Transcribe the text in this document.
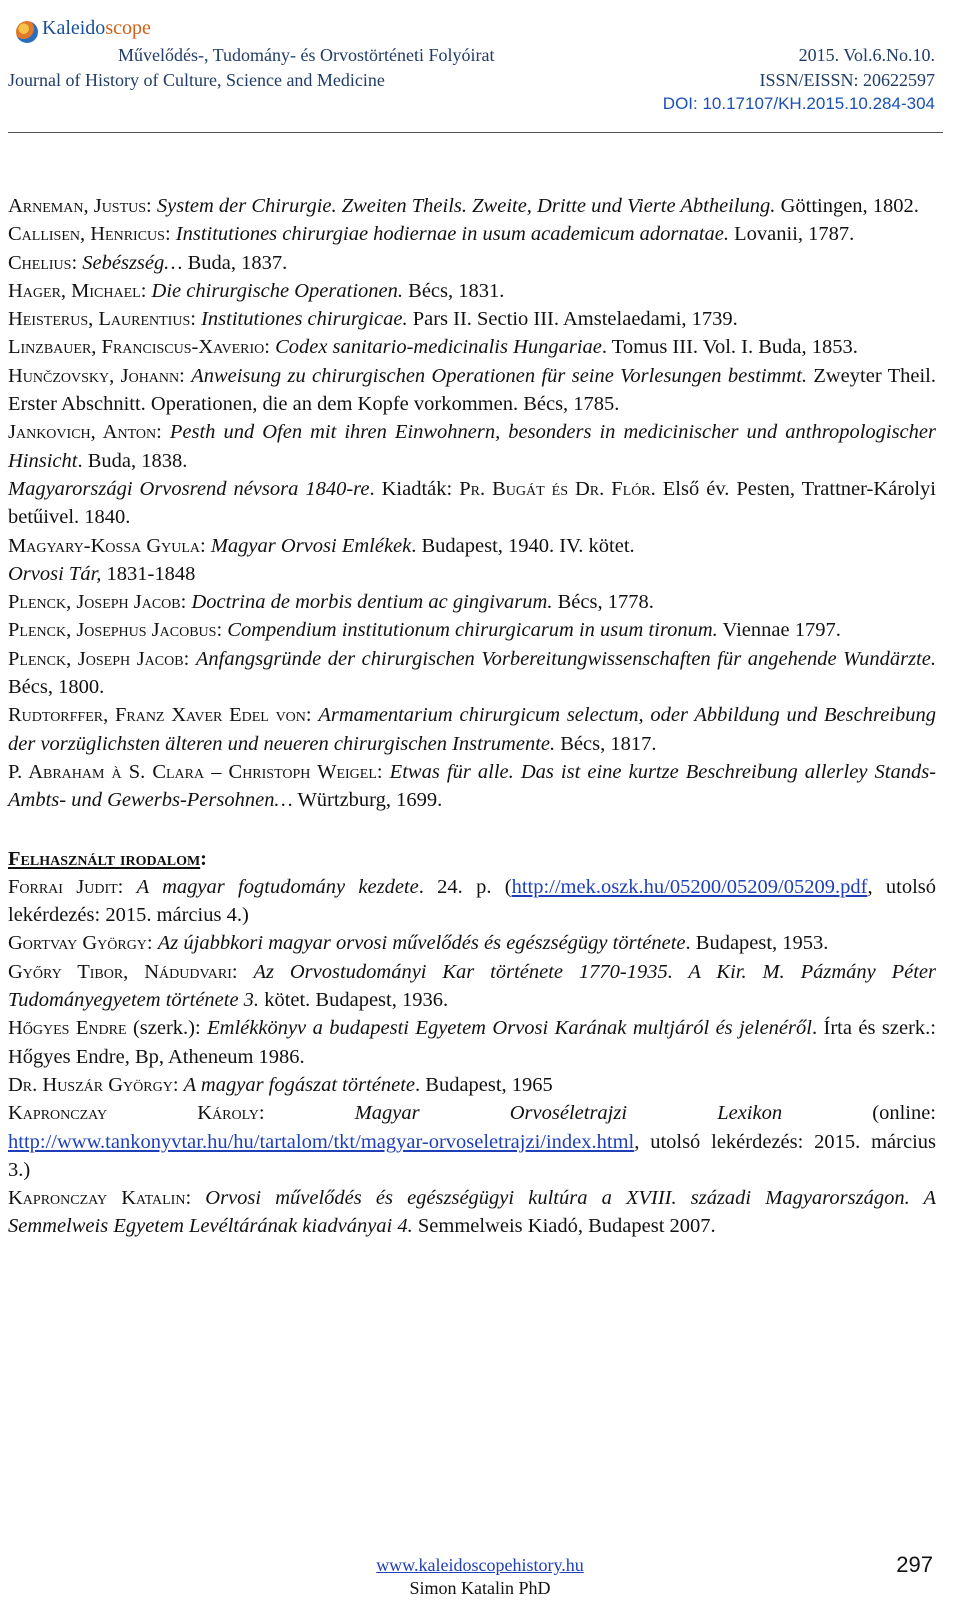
Kaleidoscope
Művelődés-, Tudomány- és Orvostörténeti Folyóirat
Journal of History of Culture, Science and Medicine
2015. Vol.6.No.10.
ISSN/EISSN: 20622597
DOI: 10.17107/KH.2015.10.284-304

Arneman, Justus: System der Chirurgie. Zweiten Theils. Zweite, Dritte und Vierte Abtheilung. Göttingen, 1802.

Callisen, Henricus: Institutiones chirurgiae hodiernae in usum academicum adornatae. Lovanii, 1787.

Chelius: Sebészség… Buda, 1837.

Hager, Michael: Die chirurgische Operationen. Bécs, 1831.

Heisterus, Laurentius: Institutiones chirurgicae. Pars II. Sectio III. Amstelaedami, 1739.

Linzbauer, Franciscus-Xaverio: Codex sanitario-medicinalis Hungariae. Tomus III. Vol. I. Buda, 1853.

Hunčzovsky, Johann: Anweisung zu chirurgischen Operationen für seine Vorlesungen bestimmt. Zweyter Theil. Erster Abschnitt. Operationen, die an dem Kopfe vorkommen. Bécs, 1785.

Jankovich, Anton: Pesth und Ofen mit ihren Einwohnern, besonders in medicinischer und anthropologischer Hinsicht. Buda, 1838.

Magyarországi Orvosrend névsora 1840-re. Kiadták: Pr. Bugát és Dr. Flór. Első év. Pesten, Trattner-Károlyi betűivel. 1840.

Magyary-Kossa Gyula: Magyar Orvosi Emlékek. Budapest, 1940. IV. kötet.

Orvosi Tár, 1831-1848

Plenck, Joseph Jacob: Doctrina de morbis dentium ac gingivarum. Bécs, 1778.

Plenck, Josephus Jacobus: Compendium institutionum chirurgicarum in usum tironum. Viennae 1797.

Plenck, Joseph Jacob: Anfangsgründe der chirurgischen Vorbereitungwissenschaften für angehende Wundärzte. Bécs, 1800.

Rudtorffer, Franz Xaver Edel von: Armamentarium chirurgicum selectum, oder Abbildung und Beschreibung der vorzüglichsten älteren und neueren chirurgischen Instrumente. Bécs, 1817.

P. Abraham à S. Clara – Christoph Weigel: Etwas für alle. Das ist eine kurtze Beschreibung allerley Stands-Ambts- und Gewerbs-Persohnen… Würtzburg, 1699.

Felhasznált irodalom:

Forrai Judit: A magyar fogtudomány kezdete. 24. p. (http://mek.oszk.hu/05200/05209/05209.pdf, utolsó lekérdezés: 2015. március 4.)

Gortvay György: Az újabbkori magyar orvosi művelődés és egészségügy története. Budapest, 1953.

Győry Tibor, Nádudvari: Az Orvostudományi Kar története 1770-1935. A Kir. M. Pázmány Péter Tudományegyetem története 3. kötet. Budapest, 1936.

Hőgyes Endre (szerk.): Emlékkönyv a budapesti Egyetem Orvosi Karának multjáról és jelenéről. Írta és szerk.: Hőgyes Endre, Bp, Atheneum 1986.

Dr. Huszár György: A magyar fogászat története. Budapest, 1965

Kapronczay Károly: Magyar Orvoséletrajzi Lexikon (online: http://www.tankonyvtar.hu/hu/tartalom/tkt/magyar-orvoseletrajzi/index.html, utolsó lekérdezés: 2015. március 3.)

Kapronczay Katalin: Orvosi művelődés és egészségügyi kultúra a XVIII. századi Magyarországon. A Semmelweis Egyetem Levéltárának kiadványai 4. Semmelweis Kiadó, Budapest 2007.

www.kaleidoscopehistory.hu
Simon Katalin PhD
297
